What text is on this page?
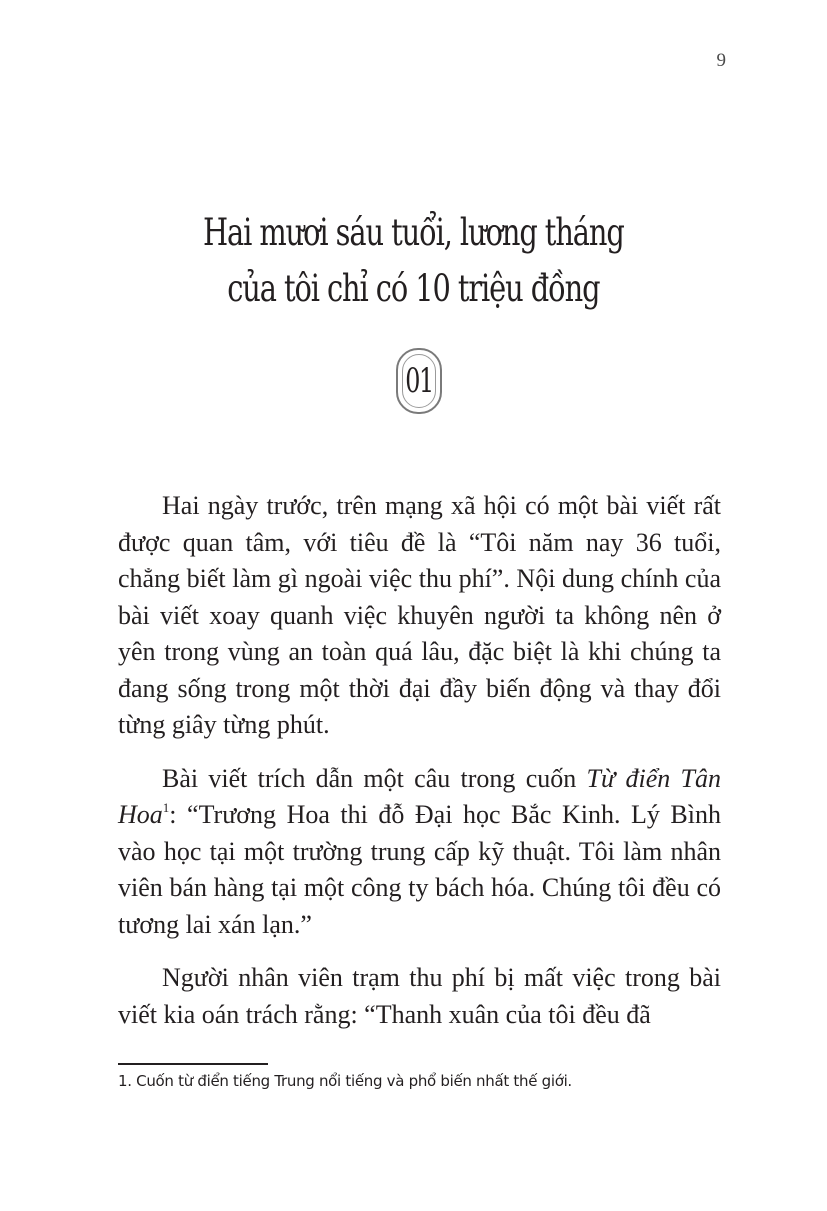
9
Hai mươi sáu tuổi, lương tháng
của tôi chỉ có 10 triệu đồng
01

Hai ngày trước, trên mạng xã hội có một bài viết rất được quan tâm, với tiêu đề là “Tôi năm nay 36 tuổi, chẳng biết làm gì ngoài việc thu phí”. Nội dung chính của bài viết xoay quanh việc khuyên người ta không nên ở yên trong vùng an toàn quá lâu, đặc biệt là khi chúng ta đang sống trong một thời đại đầy biến động và thay đổi từng giây từng phút.

Bài viết trích dẫn một câu trong cuốn Từ điển Tân Hoa$^1$: “Trương Hoa thi đỗ Đại học Bắc Kinh. Lý Bình vào học tại một trường trung cấp kỹ thuật. Tôi làm nhân viên bán hàng tại một công ty bách hóa. Chúng tôi đều có tương lai xán lạn.”

Người nhân viên trạm thu phí bị mất việc trong bài viết kia oán trách rằng: “Thanh xuân của tôi đều đã

1. Cuốn từ điển tiếng Trung nổi tiếng và phổ biến nhất thế giới.
